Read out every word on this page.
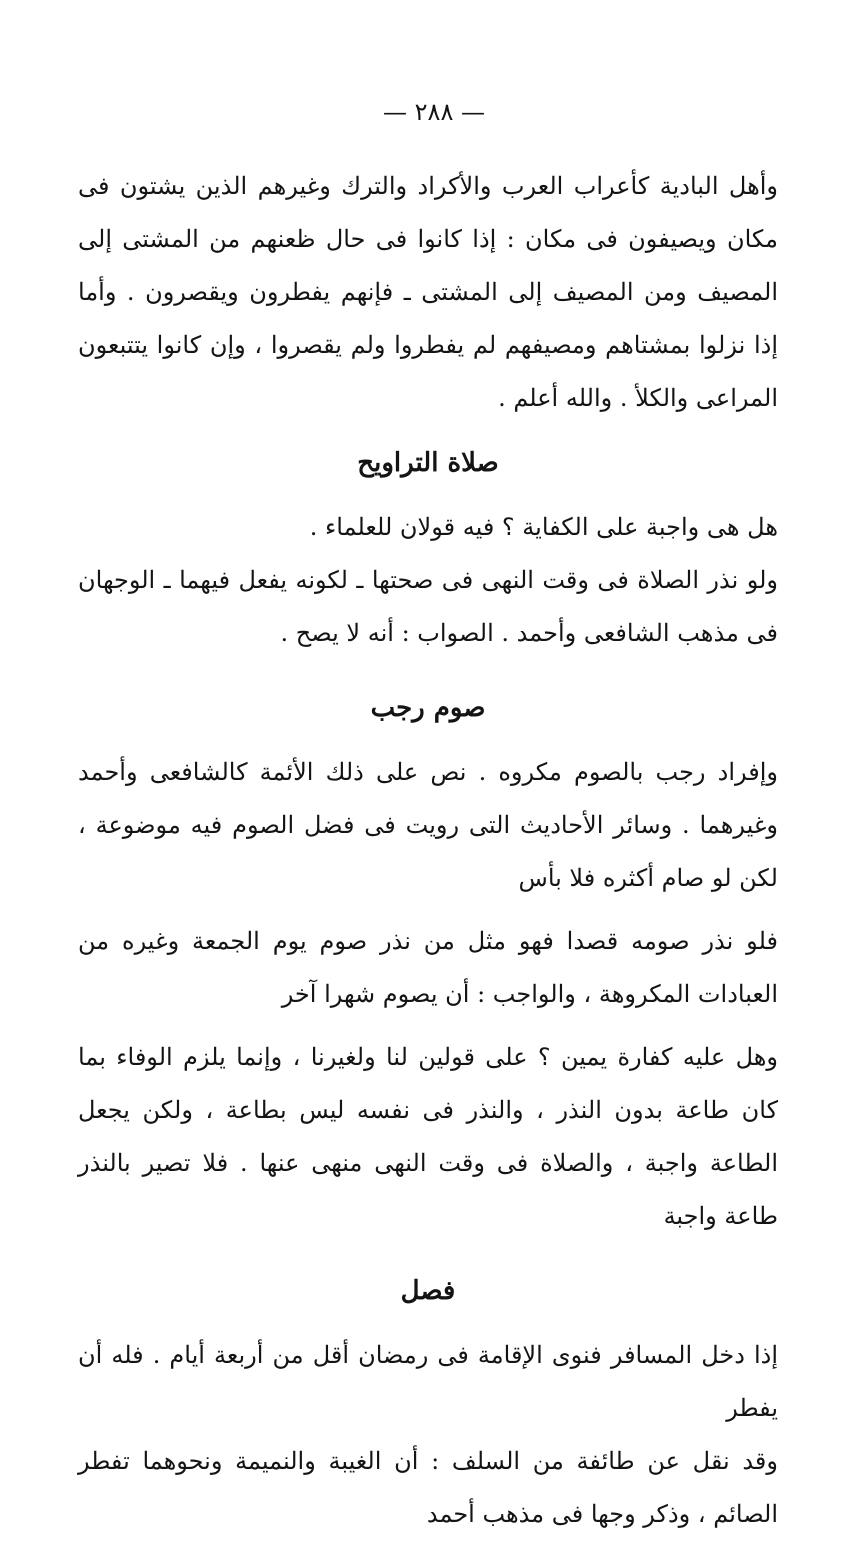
— ٢٨٨ —

وأهل البادية كأعراب العرب والأكراد والترك وغيرهم الذين يشتون فى مكان ويصيفون فى مكان : إذا كانوا فى حال ظعنهم من المشتى إلى المصيف ومن المصيف إلى المشتى ـ فإنهم يفطرون ويقصرون . وأما إذا نزلوا بمشتاهم ومصيفهم لم يفطروا ولم يقصروا ، وإن كانوا يتتبعون المراعى والكلأ . والله أعلم .

صلاة التراويح

هل هى واجبة على الكفاية ؟ فيه قولان للعلماء .

ولو نذر الصلاة فى وقت النهى فى صحتها ـ لكونه يفعل فيهما ـ الوجهان فى مذهب الشافعى وأحمد . الصواب : أنه لا يصح .

صوم رجب

وإفراد رجب بالصوم مكروه . نص على ذلك الأئمة كالشافعى وأحمد وغيرهما . وسائر الأحاديث التى رويت فى فضل الصوم فيه موضوعة ، لكن لو صام أكثره فلا بأس

فلو نذر صومه قصدا فهو مثل من نذر صوم يوم الجمعة وغيره من العبادات المكروهة ، والواجب : أن يصوم شهرا آخر

وهل عليه كفارة يمين ؟ على قولين لنا ولغيرنا ، وإنما يلزم الوفاء بما كان طاعة بدون النذر ، والنذر فى نفسه ليس بطاعة ، ولكن يجعل الطاعة واجبة ، والصلاة فى وقت النهى منهى عنها . فلا تصير بالنذر طاعة واجبة

فصل

إذا دخل المسافر فنوى الإقامة فى رمضان أقل من أربعة أيام . فله أن يفطر

وقد نقل عن طائفة من السلف : أن الغيبة والنميمة ونحوهما تفطر الصائم ، وذكر وجها فى مذهب أحمد
